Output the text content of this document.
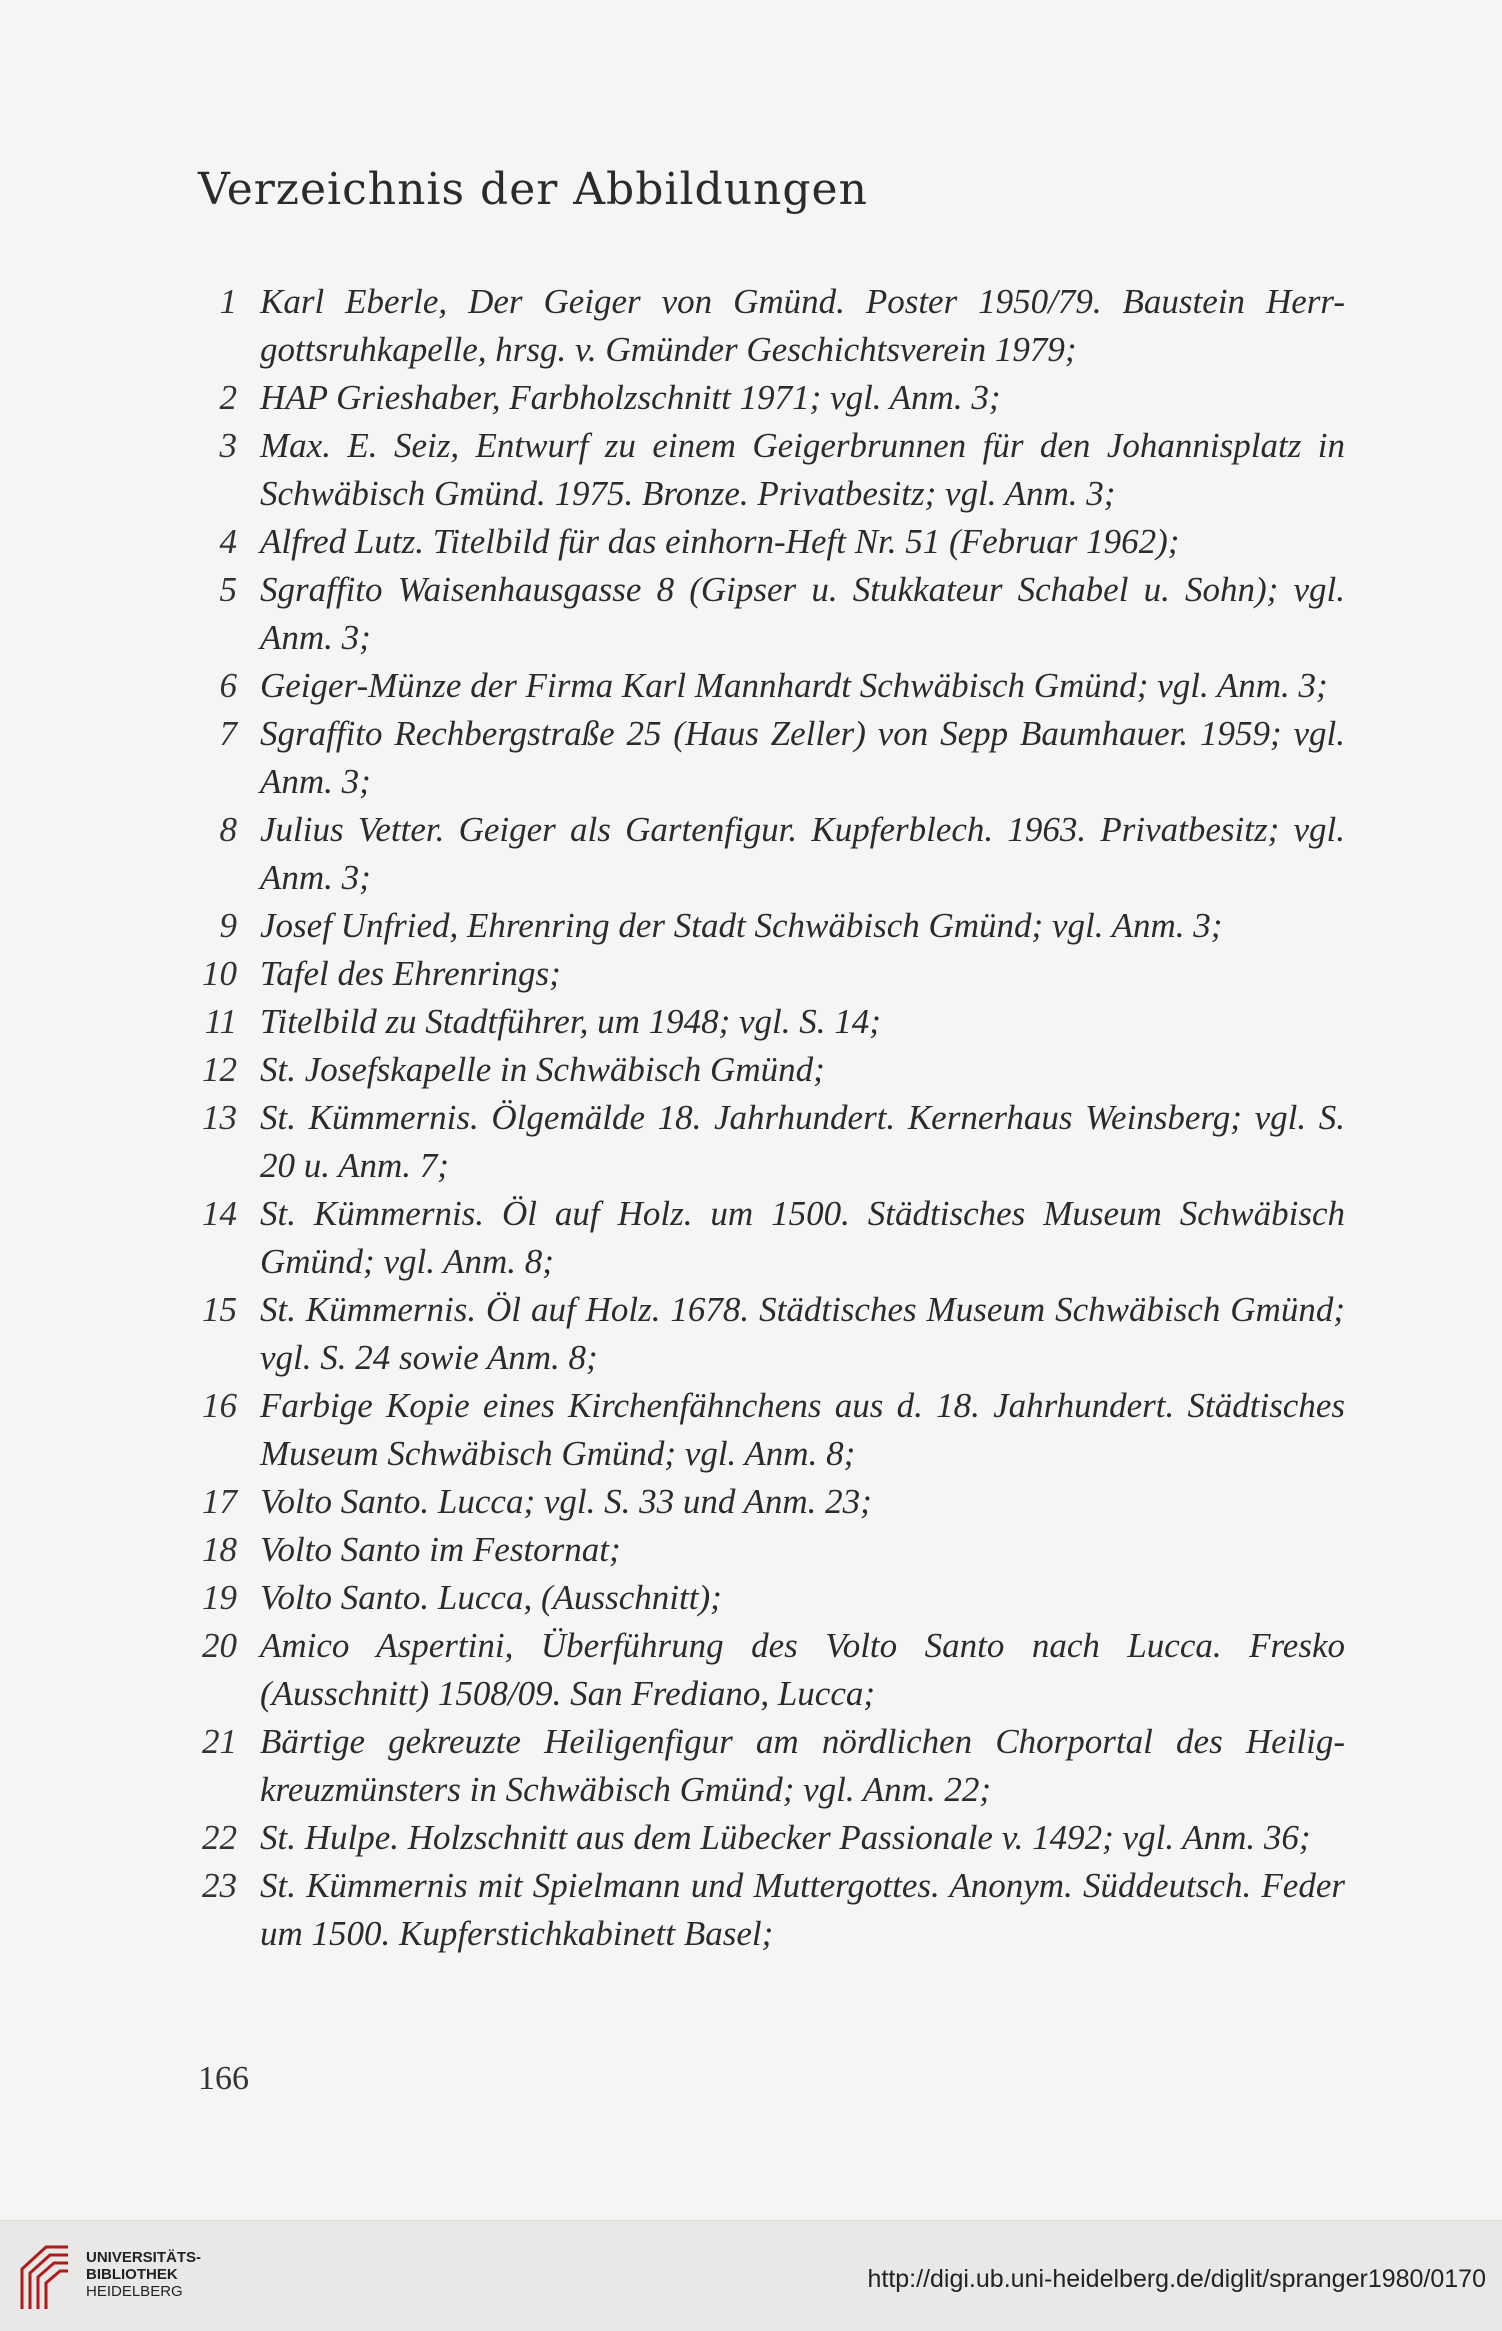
Verzeichnis der Abbildungen
1 Karl Eberle, Der Geiger von Gmünd. Poster 1950/79. Baustein Herr-gottsruhkapelle, hrsg. v. Gmünder Geschichtsverein 1979;
2 HAP Grieshaber, Farbholzschnitt 1971; vgl. Anm. 3;
3 Max. E. Seiz, Entwurf zu einem Geigerbrunnen für den Johannisplatz in Schwäbisch Gmünd. 1975. Bronze. Privatbesitz; vgl. Anm. 3;
4 Alfred Lutz. Titelbild für das einhorn-Heft Nr. 51 (Februar 1962);
5 Sgraffito Waisenhausgasse 8 (Gipser u. Stukkateur Schabel u. Sohn); vgl. Anm. 3;
6 Geiger-Münze der Firma Karl Mannhardt Schwäbisch Gmünd; vgl. Anm. 3;
7 Sgraffito Rechbergstraße 25 (Haus Zeller) von Sepp Baumhauer. 1959; vgl. Anm. 3;
8 Julius Vetter. Geiger als Gartenfigur. Kupferblech. 1963. Privatbesitz; vgl. Anm. 3;
9 Josef Unfried, Ehrenring der Stadt Schwäbisch Gmünd; vgl. Anm. 3;
10 Tafel des Ehrenrings;
11 Titelbild zu Stadtführer, um 1948; vgl. S. 14;
12 St. Josefskapelle in Schwäbisch Gmünd;
13 St. Kümmernis. Ölgemälde 18. Jahrhundert. Kernerhaus Weinsberg; vgl. S. 20 u. Anm. 7;
14 St. Kümmernis. Öl auf Holz. um 1500. Städtisches Museum Schwäbisch Gmünd; vgl. Anm. 8;
15 St. Kümmernis. Öl auf Holz. 1678. Städtisches Museum Schwäbisch Gmünd; vgl. S. 24 sowie Anm. 8;
16 Farbige Kopie eines Kirchenfähnchens aus d. 18. Jahrhundert. Städtisches Museum Schwäbisch Gmünd; vgl. Anm. 8;
17 Volto Santo. Lucca; vgl. S. 33 und Anm. 23;
18 Volto Santo im Festornat;
19 Volto Santo. Lucca, (Ausschnitt);
20 Amico Aspertini, Überführung des Volto Santo nach Lucca. Fresko (Ausschnitt) 1508/09. San Frediano, Lucca;
21 Bärtige gekreuzte Heiligenfigur am nördlichen Chorportal des Heilig-kreuzmünsters in Schwäbisch Gmünd; vgl. Anm. 22;
22 St. Hulpe. Holzschnitt aus dem Lübecker Passionale v. 1492; vgl. Anm. 36;
23 St. Kümmernis mit Spielmann und Muttergottes. Anonym. Süddeutsch. Feder um 1500. Kupferstichkabinett Basel;
166
UNIVERSITÄTS-
BIBLIOTHEK
HEIDELBERG	http://digi.ub.uni-heidelberg.de/diglit/spranger1980/0170
